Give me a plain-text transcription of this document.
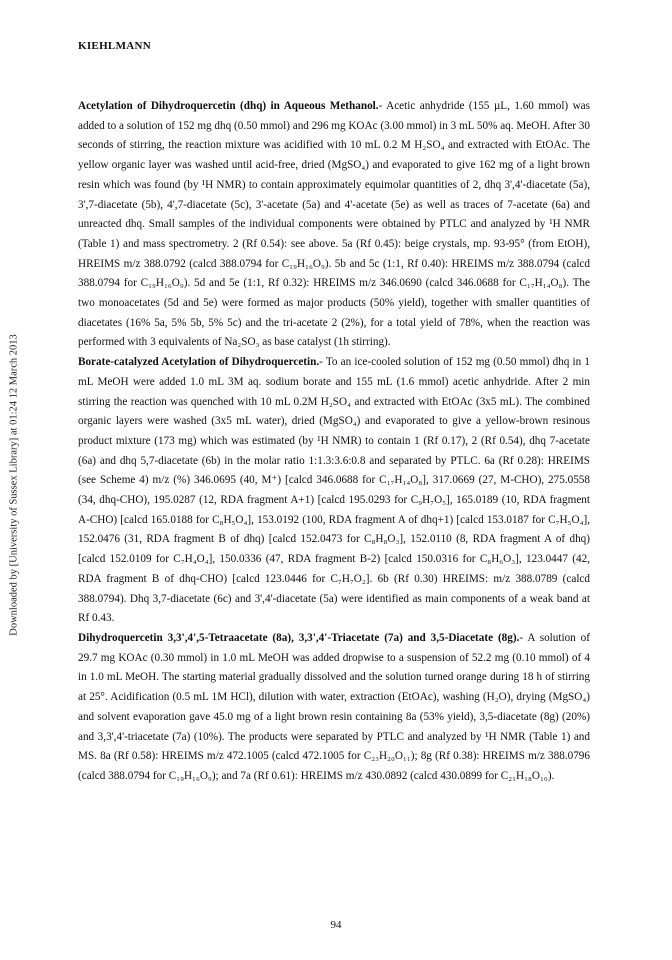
KIEHLMANN
Downloaded by [University of Sussex Library] at 01:24 12 March 2013

Acetylation of Dihydroquercetin (dhq) in Aqueous Methanol.- Acetic anhydride (155 µL, 1.60 mmol) was added to a solution of 152 mg dhq (0.50 mmol) and 296 mg KOAc (3.00 mmol) in 3 mL 50% aq. MeOH. After 30 seconds of stirring, the reaction mixture was acidified with 10 mL 0.2 M H₂SO₄ and extracted with EtOAc. The yellow organic layer was washed until acid-free, dried (MgSO₄) and evaporated to give 162 mg of a light brown resin which was found (by ¹H NMR) to contain approximately equimolar quantities of 2, dhq 3',4'-diacetate (5a), 3',7-diacetate (5b), 4',7-diacetate (5c), 3'-acetate (5a) and 4'-acetate (5e) as well as traces of 7-acetate (6a) and unreacted dhq. Small samples of the individual components were obtained by PTLC and analyzed by ¹H NMR (Table 1) and mass spectrometry. 2 (Rf 0.54): see above. 5a (Rf 0.45): beige crystals, mp. 93-95° (from EtOH), HREIMS m/z 388.0792 (calcd 388.0794 for C₁₉H₁₆O₉). 5b and 5c (1:1, Rf 0.40): HREIMS m/z 388.0794 (calcd 388.0794 for C₁₉H₁₆O₉). 5d and 5e (1:1, Rf 0.32): HREIMS m/z 346.0690 (calcd 346.0688 for C₁₇H₁₄O₈). The two monoacetates (5d and 5e) were formed as major products (50% yield), together with smaller quantities of diacetates (16% 5a, 5% 5b, 5% 5c) and the tri-acetate 2 (2%), for a total yield of 78%, when the reaction was performed with 3 equivalents of Na₂SO₃ as base catalyst (1h stirring).

Borate-catalyzed Acetylation of Dihydroquercetin.- To an ice-cooled solution of 152 mg (0.50 mmol) dhq in 1 mL MeOH were added 1.0 mL 3M aq. sodium borate and 155 mL (1.6 mmol) acetic anhydride. After 2 min stirring the reaction was quenched with 10 mL 0.2M H₂SO₄ and extracted with EtOAc (3x5 mL). The combined organic layers were washed (3x5 mL water), dried (MgSO₄) and evaporated to give a yellow-brown resinous product mixture (173 mg) which was estimated (by ¹H NMR) to contain 1 (Rf 0.17), 2 (Rf 0.54), dhq 7-acetate (6a) and dhq 5,7-diacetate (6b) in the molar ratio 1:1.3:3.6:0.8 and separated by PTLC. 6a (Rf 0.28): HREIMS (see Scheme 4) m/z (%) 346.0695 (40, M⁺) [calcd 346.0688 for C₁₇H₁₄O₈], 317.0669 (27, M-CHO), 275.0558 (34, dhq-CHO), 195.0287 (12, RDA fragment A+1) [calcd 195.0293 for C₉H₇O₅], 165.0189 (10, RDA fragment A-CHO) [calcd 165.0188 for C₈H₅O₄], 153.0192 (100, RDA fragment A of dhq+1) [calcd 153.0187 for C₇H₅O₄], 152.0476 (31, RDA fragment B of dhq) [calcd 152.0473 for C₈H₈O₃], 152.0110 (8, RDA fragment A of dhq) [calcd 152.0109 for C₇H₄O₄], 150.0336 (47, RDA fragment B-2) [calcd 150.0316 for C₈H₆O₃], 123.0447 (42, RDA fragment B of dhq-CHO) [calcd 123.0446 for C₇H₇O₂]. 6b (Rf 0.30) HREIMS: m/z 388.0789 (calcd 388.0794). Dhq 3,7-diacetate (6c) and 3',4'-diacetate (5a) were identified as main components of a weak band at Rf 0.43.

Dihydroquercetin 3,3',4',5-Tetraacetate (8a), 3,3',4'-Triacetate (7a) and 3,5-Diacetate (8g).- A solution of 29.7 mg KOAc (0.30 mmol) in 1.0 mL MeOH was added dropwise to a suspension of 52.2 mg (0.10 mmol) of 4 in 1.0 mL MeOH. The starting material gradually dissolved and the solution turned orange during 18 h of stirring at 25°. Acidification (0.5 mL 1M HCl), dilution with water, extraction (EtOAc), washing (H₂O), drying (MgSO₄) and solvent evaporation gave 45.0 mg of a light brown resin containing 8a (53% yield), 3,5-diacetate (8g) (20%) and 3,3',4'-triacetate (7a) (10%). The products were separated by PTLC and analyzed by ¹H NMR (Table 1) and MS. 8a (Rf 0.58): HREIMS m/z 472.1005 (calcd 472.1005 for C₂₃H₂₀O₁₁); 8g (Rf 0.38): HREIMS m/z 388.0796 (calcd 388.0794 for C₁₉H₁₆O₉); and 7a (Rf 0.61): HREIMS m/z 430.0892 (calcd 430.0899 for C₂₁H₁₈O₁₀).

94
